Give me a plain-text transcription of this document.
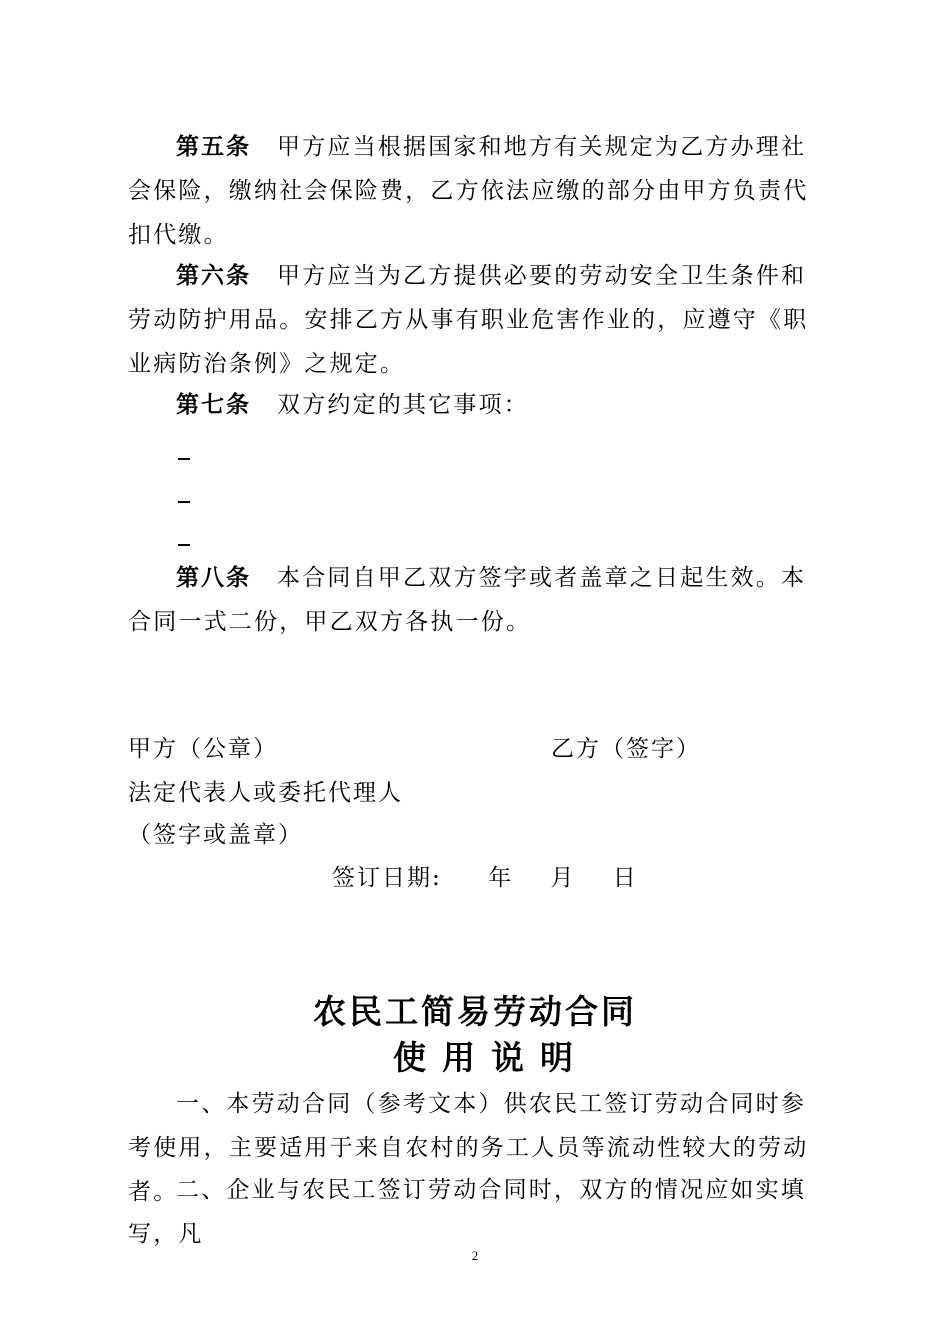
第五条 甲方应当根据国家和地方有关规定为乙方办理社会保险，缴纳社会保险费，乙方依法应缴的部分由甲方负责代扣代缴。

第六条 甲方应当为乙方提供必要的劳动安全卫生条件和劳动防护用品。安排乙方从事有职业危害作业的，应遵守《职业病防治条例》之规定。

第七条 双方约定的其它事项：

第八条 本合同自甲乙双方签字或者盖章之日起生效。本合同一式二份，甲乙双方各执一份。

甲方（公章）	乙方（签字）
法定代表人或委托代理人
（签字或盖章）
签订日期:     年    月    日
农民工简易劳动合同
使用说明

一、本劳动合同（参考文本）供农民工签订劳动合同时参考使用，主要适用于来自农村的务工人员等流动性较大的劳动者。

二、企业与农民工签订劳动合同时，双方的情况应如实填写，凡

2
